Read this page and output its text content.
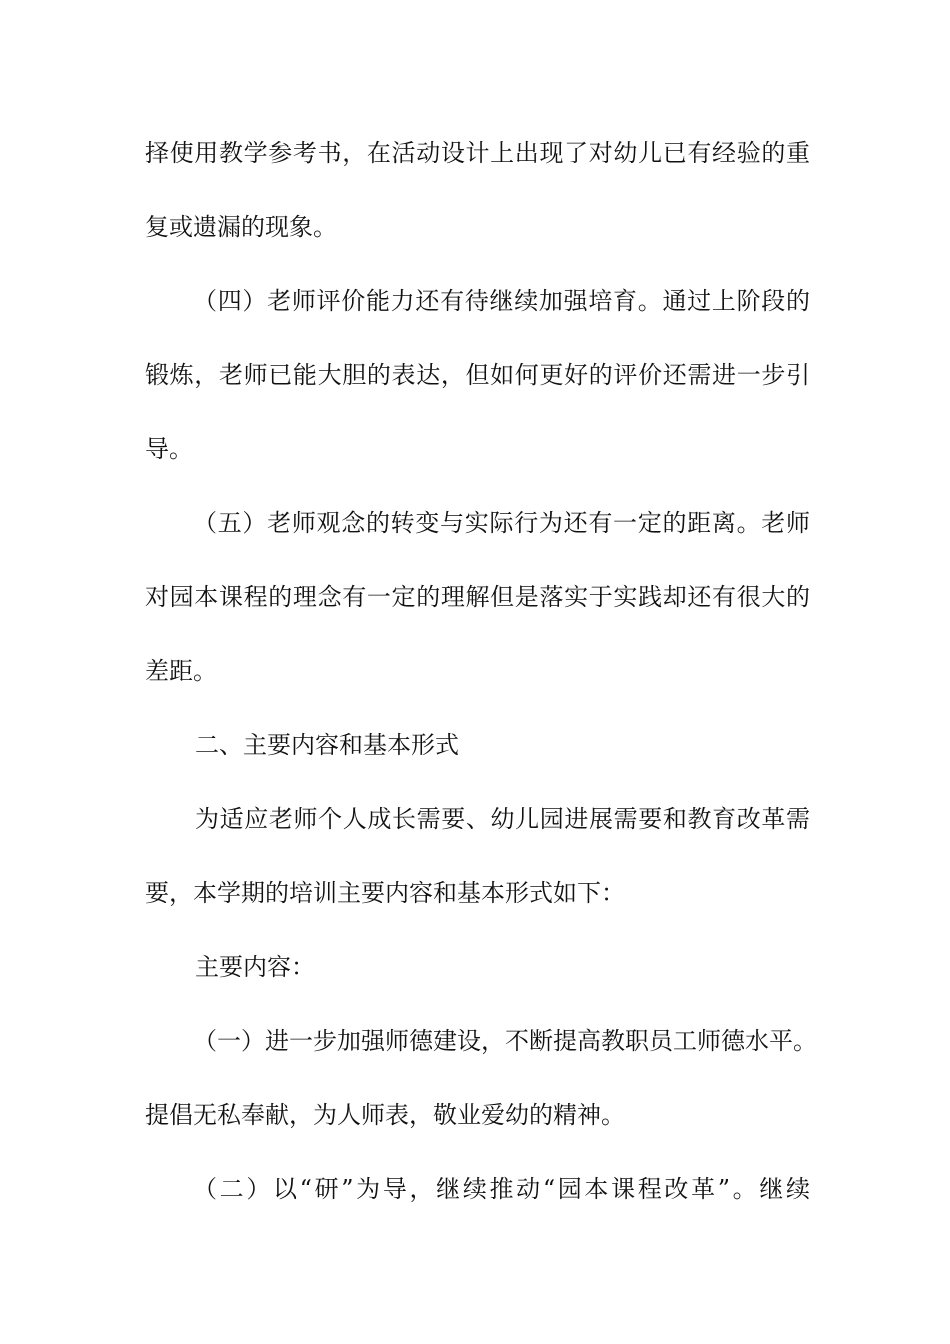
择使用教学参考书，在活动设计上出现了对幼儿已有经验的重
复或遗漏的现象。
（四）老师评价能力还有待继续加强培育。通过上阶段的
锻炼，老师已能大胆的表达，但如何更好的评价还需进一步引
导。
（五）老师观念的转变与实际行为还有一定的距离。老师
对园本课程的理念有一定的理解但是落实于实践却还有很大的
差距。
二、主要内容和基本形式
为适应老师个人成长需要、幼儿园进展需要和教育改革需
要，本学期的培训主要内容和基本形式如下：
主要内容：
（一）进一步加强师德建设，不断提高教职员工师德水平。
提倡无私奉献，为人师表，敬业爱幼的精神。
（二）以“研”为导，继续推动“园本课程改革”。继续
